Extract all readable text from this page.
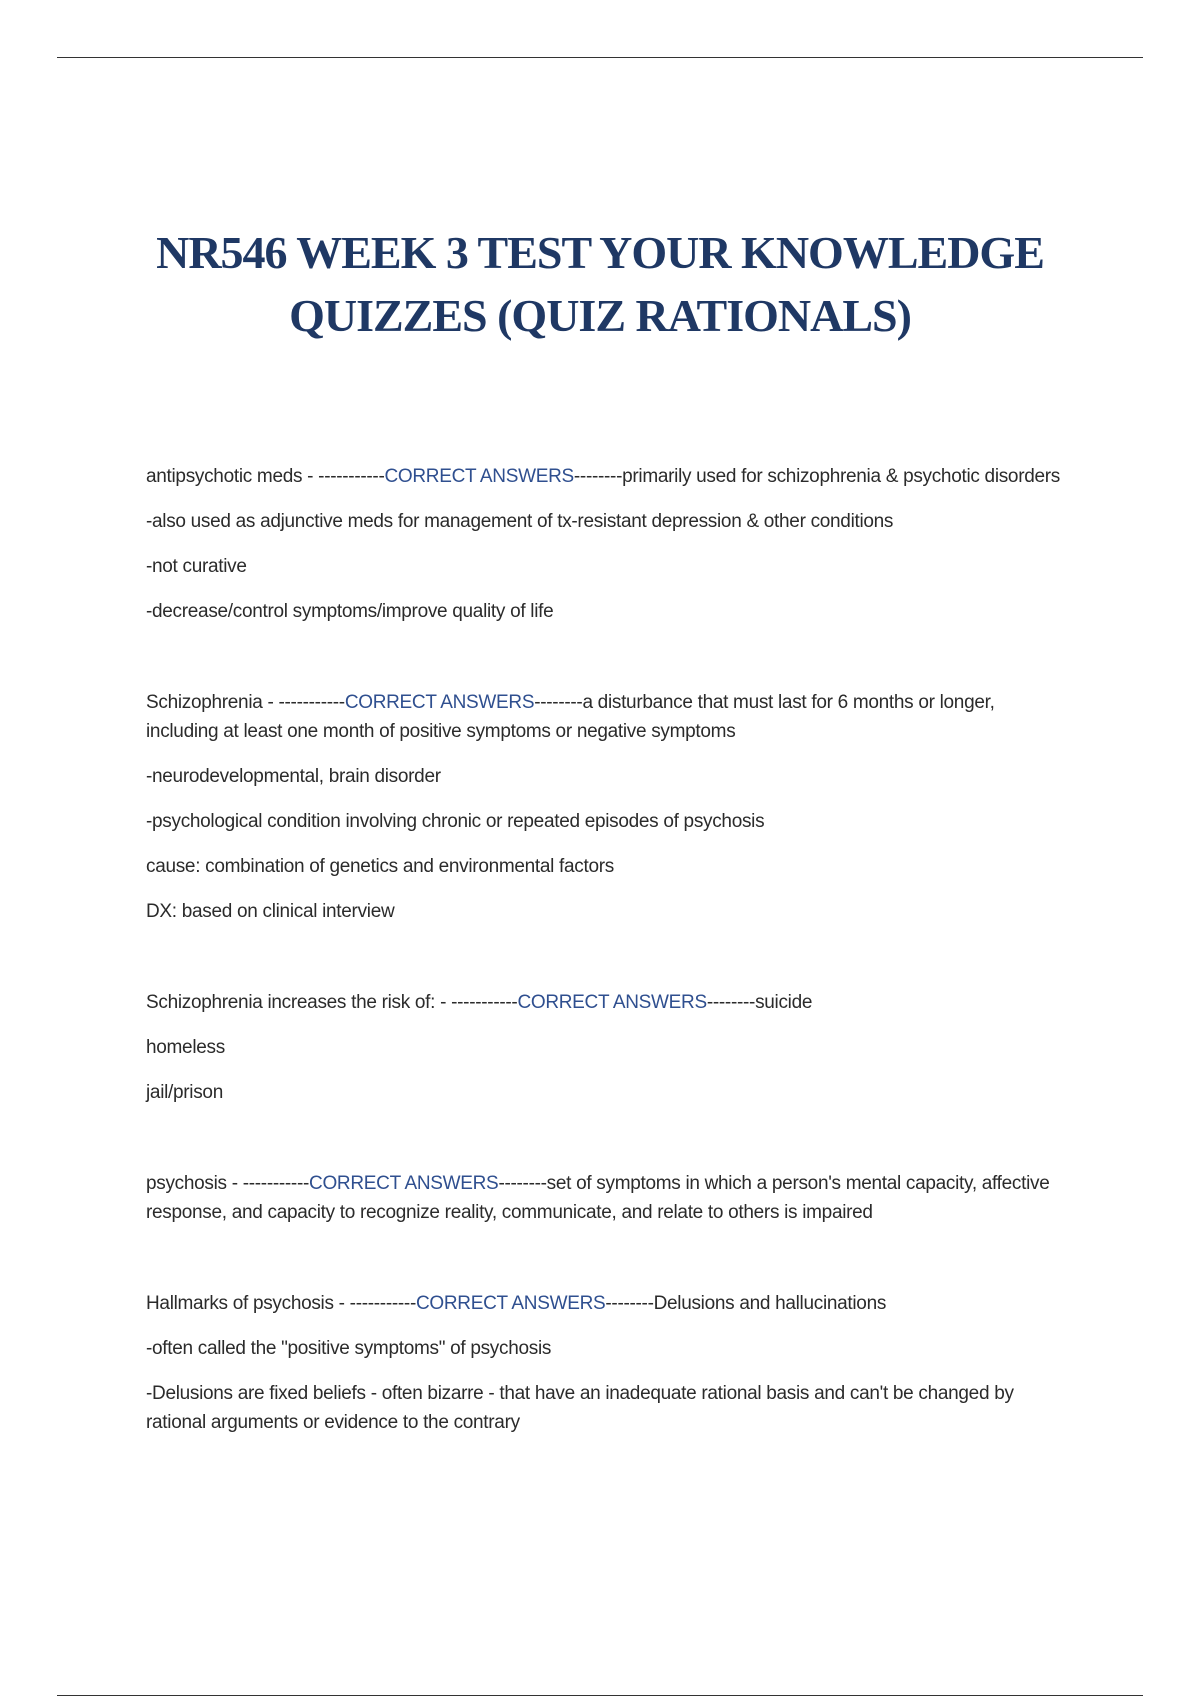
NR546 WEEK 3 TEST YOUR KNOWLEDGE
QUIZZES (QUIZ RATIONALS)

antipsychotic meds - -----------CORRECT ANSWERS--------primarily used for schizophrenia & psychotic disorders

-also used as adjunctive meds for management of tx-resistant depression & other conditions

-not curative

-decrease/control symptoms/improve quality of life

Schizophrenia - -----------CORRECT ANSWERS--------a disturbance that must last for 6 months or longer, including at least one month of positive symptoms or negative symptoms

-neurodevelopmental, brain disorder

-psychological condition involving chronic or repeated episodes of psychosis

cause: combination of genetics and environmental factors

DX: based on clinical interview

Schizophrenia increases the risk of: - -----------CORRECT ANSWERS--------suicide

homeless

jail/prison

psychosis - -----------CORRECT ANSWERS--------set of symptoms in which a person's mental capacity, affective response, and capacity to recognize reality, communicate, and relate to others is impaired

Hallmarks of psychosis - -----------CORRECT ANSWERS--------Delusions and hallucinations

-often called the "positive symptoms" of psychosis

-Delusions are fixed beliefs - often bizarre - that have an inadequate rational basis and can't be changed by rational arguments or evidence to the contrary
